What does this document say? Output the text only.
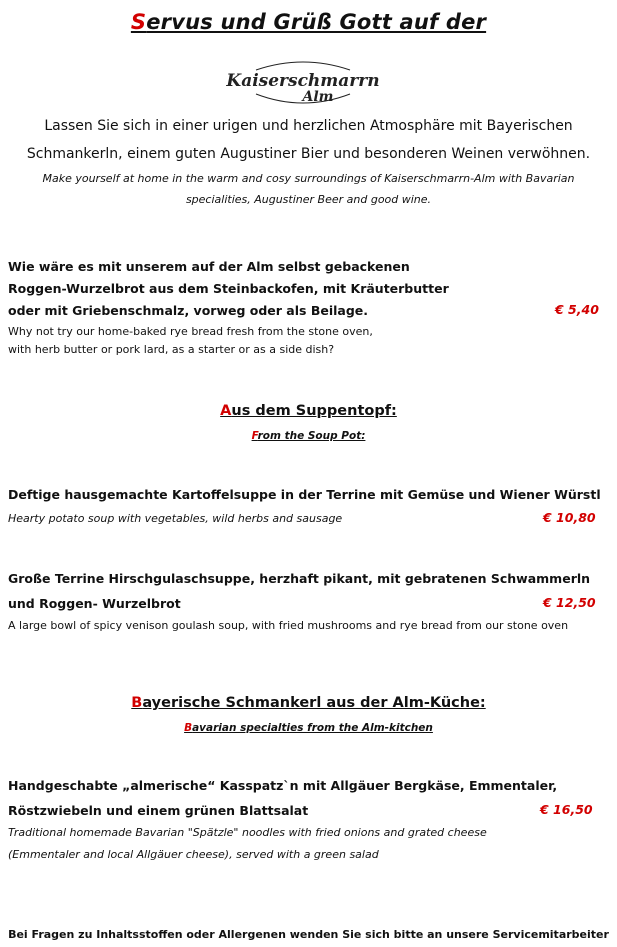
Servus und Grüß Gott auf der
Kaiserschmarrn
Alm
Lassen Sie sich in einer urigen und herzlichen Atmosphäre mit Bayerischen
Schmankerln, einem guten Augustiner Bier und besonderen Weinen verwöhnen.
Make yourself at home in the warm and cosy surroundings of Kaiserschmarrn-Alm with Bavarian
specialities, Augustiner Beer and good wine.
Wie wäre es mit unserem auf der Alm selbst gebackenen
Roggen-Wurzelbrot aus dem Steinbackofen, mit Kräuterbutter
oder mit Griebenschmalz, vorweg oder als Beilage.	€ 5,40
Why not try our home-baked rye bread fresh from the stone oven,
with herb butter or pork lard, as a starter or as a side dish?
Aus dem Suppentopf:
From the Soup Pot:
Deftige hausgemachte Kartoffelsuppe in der Terrine mit Gemüse und Wiener Würstl
Hearty potato soup with vegetables, wild herbs and sausage	€ 10,80
Große Terrine Hirschgulaschsuppe, herzhaft pikant, mit gebratenen Schwammerln
und Roggen- Wurzelbrot	€ 12,50
A large bowl of spicy venison goulash soup, with fried mushrooms and rye bread from our stone oven
Bayerische Schmankerl aus der Alm-Küche:
Bavarian specialties from the Alm-kitchen
Handgeschabte „almerische“ Kasspatz`n mit Allgäuer Bergkäse, Emmentaler,
Röstzwiebeln und einem grünen Blattsalat	€ 16,50
Traditional homemade Bavarian "Spätzle" noodles with fried onions and grated cheese
(Emmentaler and local Allgäuer cheese), served with a green salad
Bei Fragen zu Inhaltsstoffen oder Allergenen wenden Sie sich bitte an unsere Servicemitarbeiter
